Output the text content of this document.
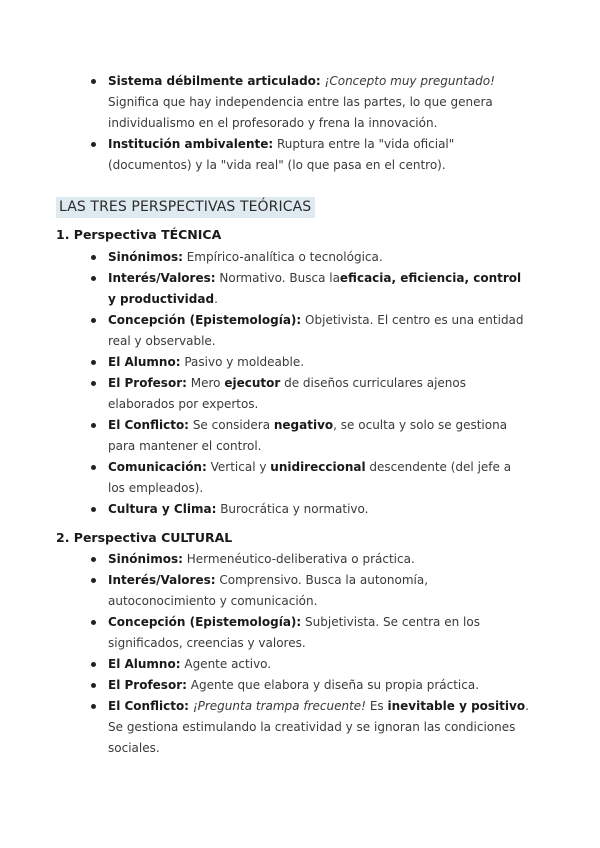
Sistema débilmente articulado: ¡Concepto muy preguntado! Significa que hay independencia entre las partes, lo que genera individualismo en el profesorado y frena la innovación.
Institución ambivalente: Ruptura entre la "vida oficial" (documentos) y la "vida real" (lo que pasa en el centro).
LAS TRES PERSPECTIVAS TEÓRICAS
1. Perspectiva TÉCNICA
Sinónimos: Empírico-analítica o tecnológica.
Interés/Valores: Normativo. Busca laeficacia, eficiencia, control y productividad.
Concepción (Epistemología): Objetivista. El centro es una entidad real y observable.
El Alumno: Pasivo y moldeable.
El Profesor: Mero ejecutor de diseños curriculares ajenos elaborados por expertos.
El Conflicto: Se considera negativo, se oculta y solo se gestiona para mantener el control.
Comunicación: Vertical y unidireccional descendente (del jefe a los empleados).
Cultura y Clima: Burocrática y normativo.
2. Perspectiva CULTURAL
Sinónimos: Hermenéutico-deliberativa o práctica.
Interés/Valores: Comprensivo. Busca la autonomía, autoconocimiento y comunicación.
Concepción (Epistemología): Subjetivista. Se centra en los significados, creencias y valores.
El Alumno: Agente activo.
El Profesor: Agente que elabora y diseña su propia práctica.
El Conflicto: ¡Pregunta trampa frecuente! Es inevitable y positivo. Se gestiona estimulando la creatividad y se ignoran las condiciones sociales.
